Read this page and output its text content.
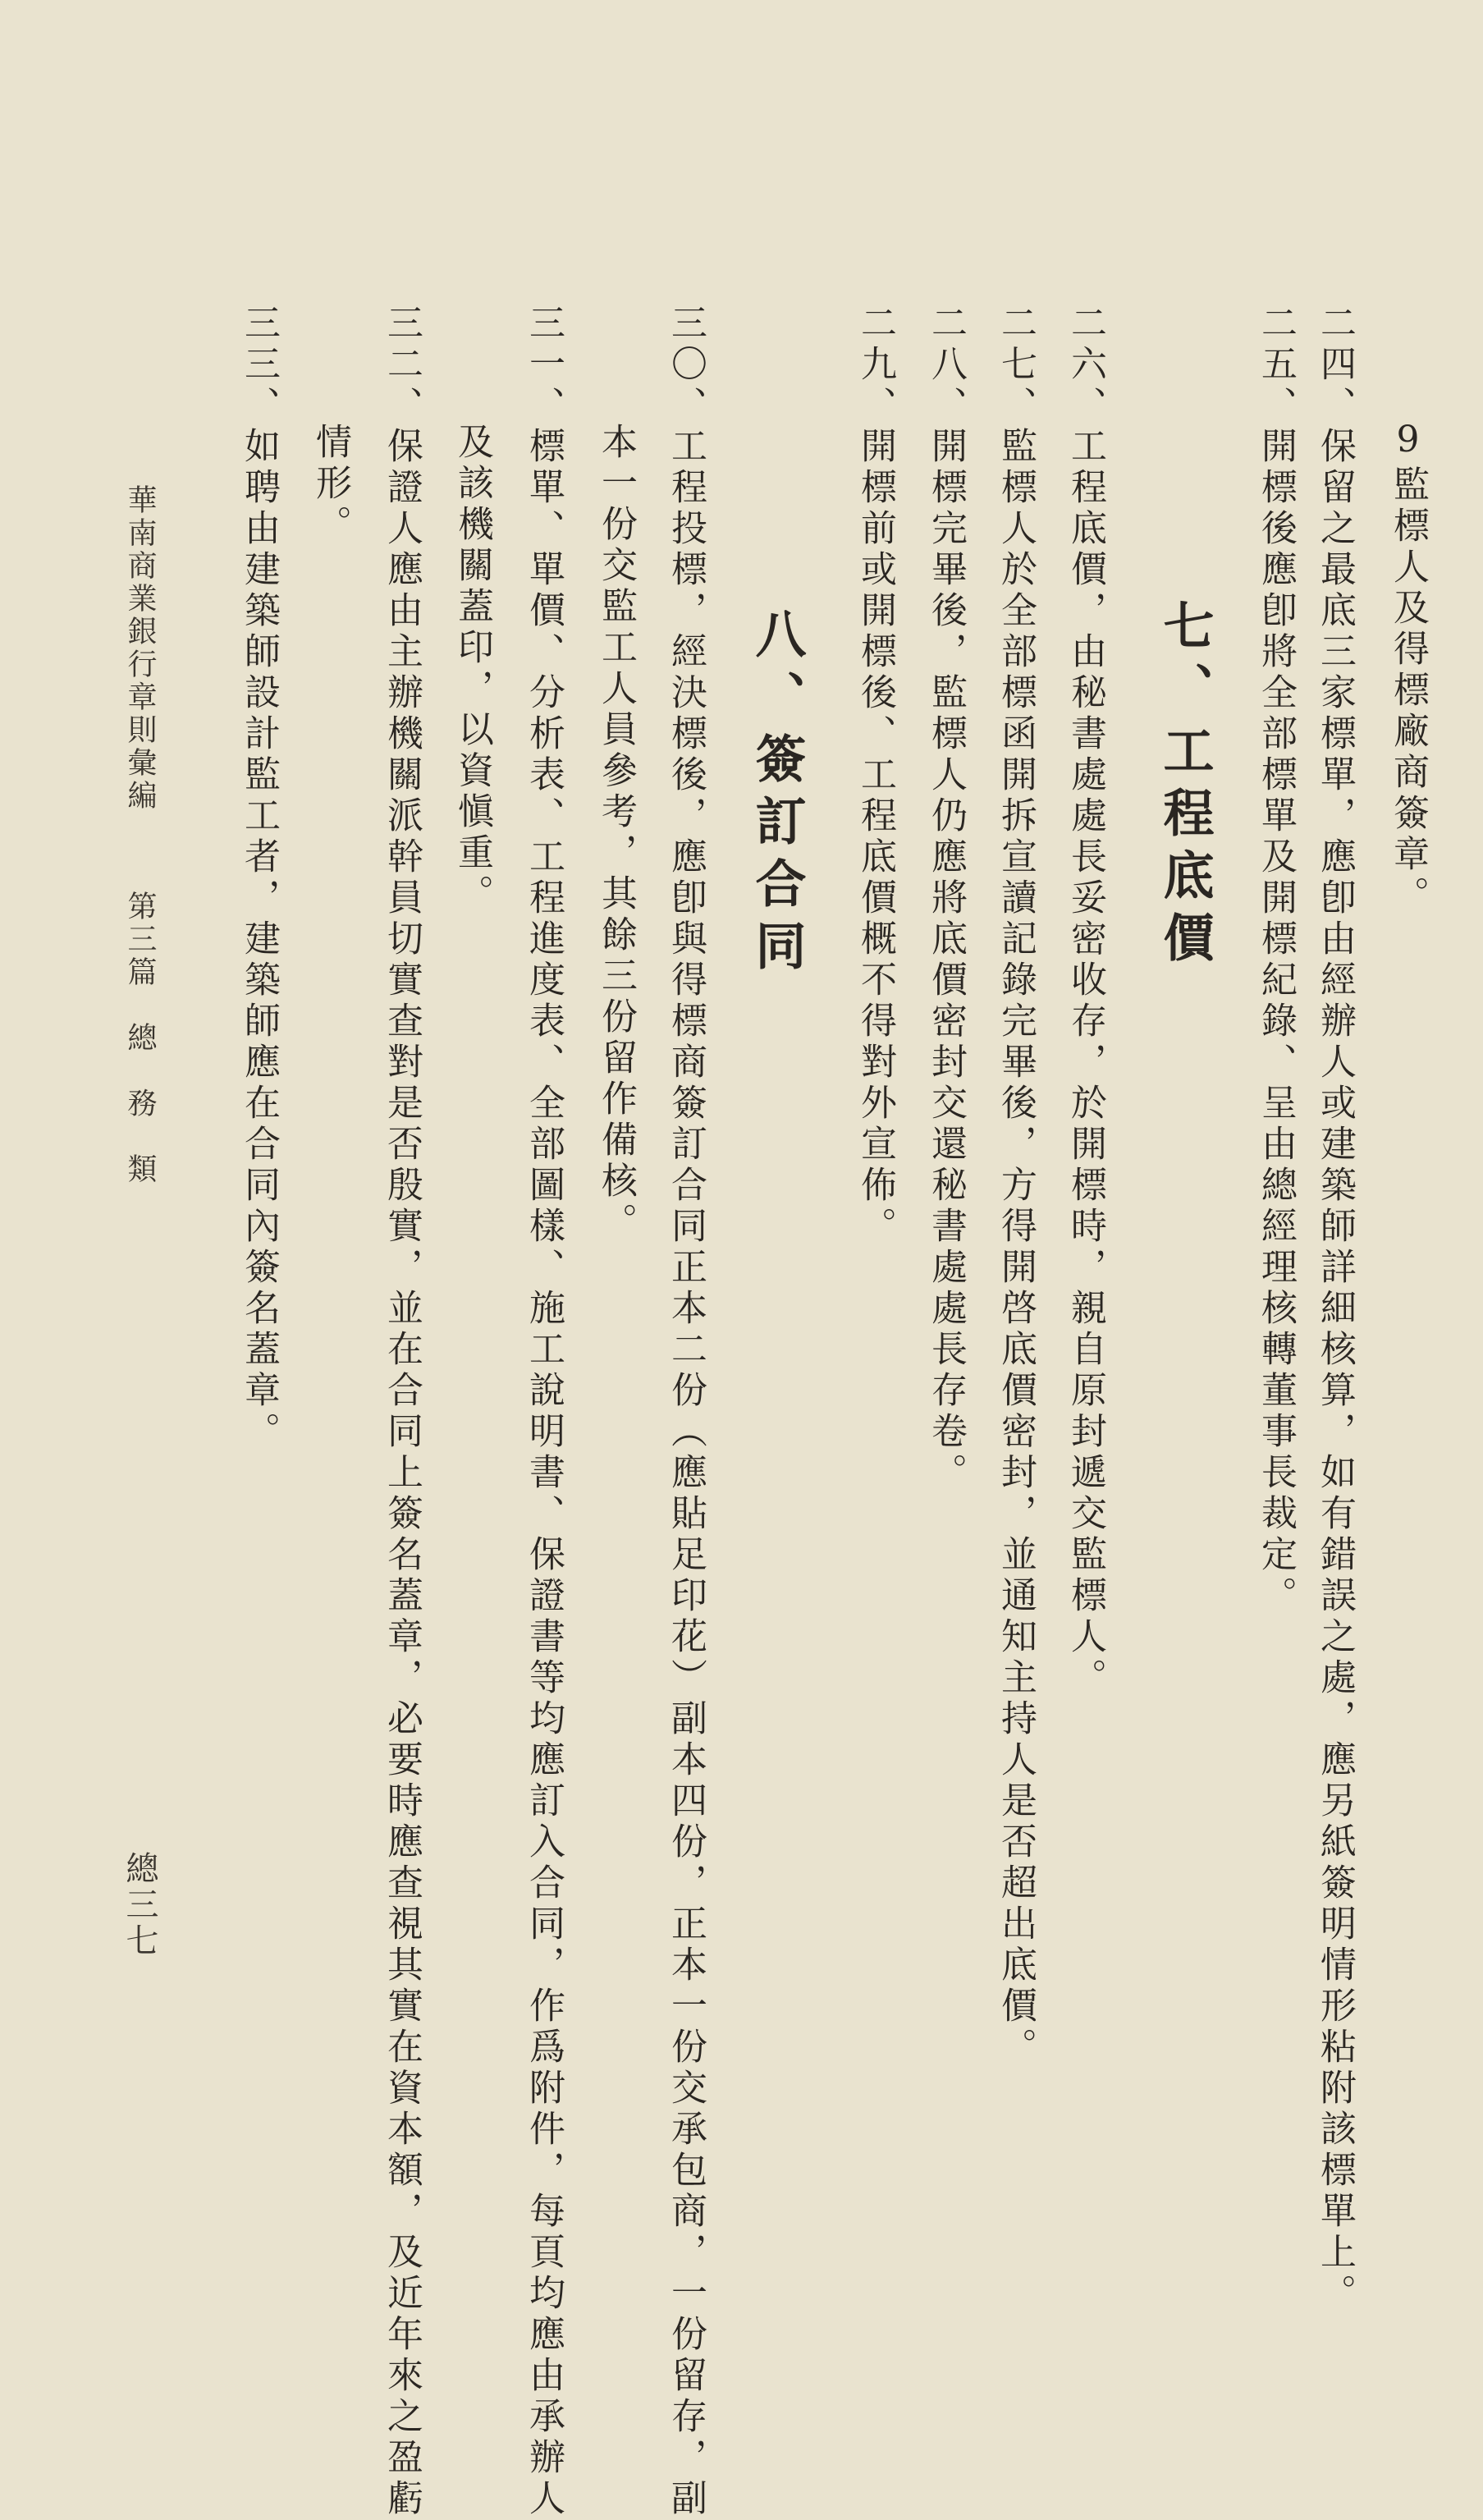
9監標人及得標廠商簽章。
二四、保留之最底三家標單，應卽由經辦人或建築師詳細核算，如有錯誤之處，應另紙簽明情形粘附該標單上。
二五、開標後應卽將全部標單及開標紀錄、呈由總經理核轉董事長裁定。
七、工程底價
二六、工程底價，由秘書處處長妥密收存，於開標時，親自原封遞交監標人。
二七、監標人於全部標函開拆宣讀記錄完畢後，方得開啓底價密封，並通知主持人是否超出底價。
二八、開標完畢後，監標人仍應將底價密封交還秘書處處長存卷。
二九、開標前或開標後、工程底價概不得對外宣佈。
八、簽訂合同
三〇、工程投標，經決標後，應卽與得標商簽訂合同正本二份（應貼足印花）副本四份，正本一份交承包商，一份留存，副
本一份交監工人員參考，其餘三份留作備核。
三一、標單、單價、分析表、工程進度表、全部圖樣、施工說明書、保證書等均應訂入合同，作爲附件，每頁均應由承辦人
及該機關蓋印，以資愼重。
三二、保證人應由主辦機關派幹員切實查對是否殷實，並在合同上簽名蓋章，必要時應查視其實在資本額，及近年來之盈虧
情形。
三三、如聘由建築師設計監工者，建築師應在合同內簽名蓋章。
華南商業銀行章則彙編
第三篇　總　務　類
總三七
